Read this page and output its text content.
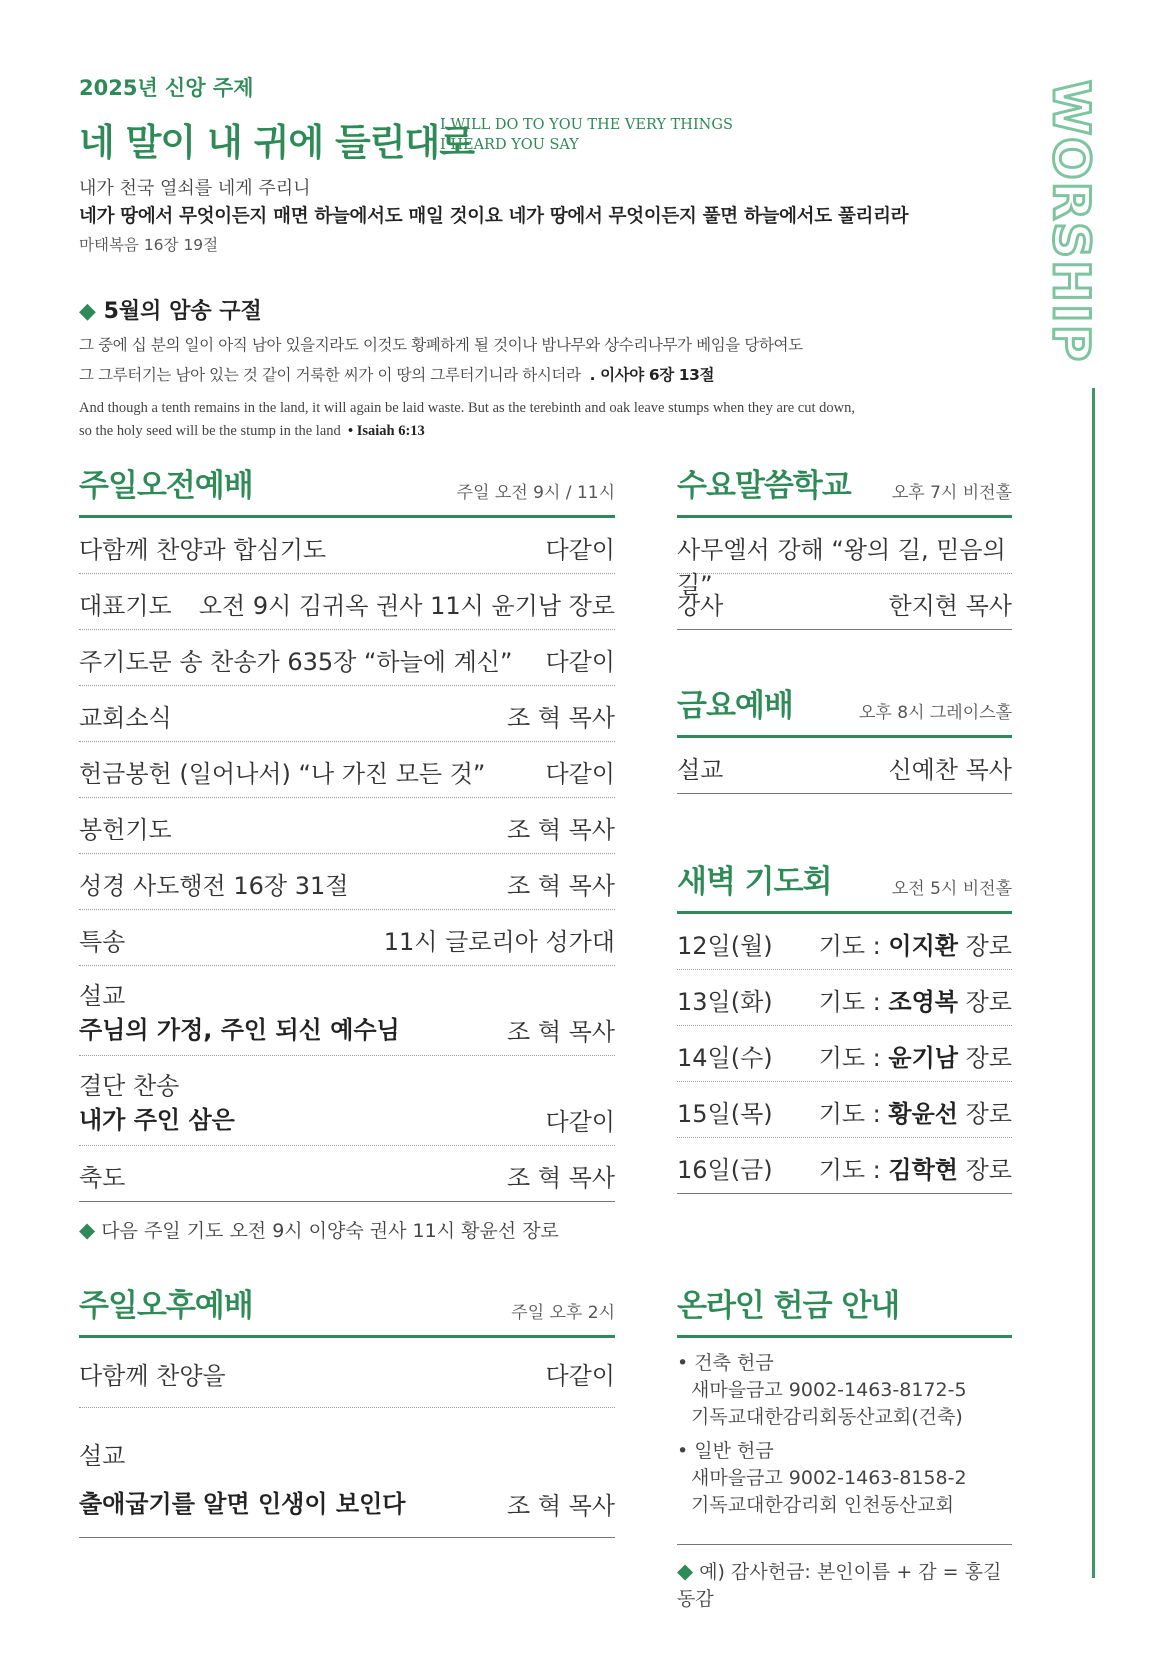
2025년 신앙 주제
네 말이 내 귀에 들린대로
I WILL DO TO YOU THE VERY THINGS
I HEARD YOU SAY
내가 천국 열쇠를 네게 주리니
네가 땅에서 무엇이든지 매면 하늘에서도 매일 것이요 네가 땅에서 무엇이든지 풀면 하늘에서도 풀리리라
마태복음 16장 19절
◆ 5월의 암송 구절
그 중에 십 분의 일이 아직 남아 있을지라도 이것도 황폐하게 될 것이나 밤나무와 상수리나무가 베임을 당하여도
그 그루터기는 남아 있는 것 같이 거룩한 씨가 이 땅의 그루터기니라 하시더라 . 이사야 6장 13절
And though a tenth remains in the land, it will again be laid waste. But as the terebinth and oak leave stumps when they are cut down,
so the holy seed will be the stump in the land • Isaiah 6:13
WORSHIP
주일오전예배	주일 오전 9시 / 11시
다함께 찬양과 합심기도	다같이
대표기도 오전 9시 김귀옥 권사 11시 윤기남 장로
주기도문 송 찬송가 635장 “하늘에 계신” 다같이
교회소식	조 혁 목사
헌금봉헌 (일어나서) “나 가진 모든 것”	다같이
봉헌기도	조 혁 목사
성경 사도행전 16장 31절	조 혁 목사
특송	11시 글로리아 성가대
설교
주님의 가정, 주인 되신 예수님	조 혁 목사
결단 찬송
내가 주인 삼은	다같이
축도	조 혁 목사
◆ 다음 주일 기도 오전 9시 이양숙 권사 11시 황윤선 장로
주일오후예배	주일 오후 2시
다함께 찬양을	다같이
설교
출애굽기를 알면 인생이 보인다	조 혁 목사
수요말씀학교 오후 7시 비전홀
사무엘서 강해 “왕의 길, 믿음의 길”
강사	한지현 목사
금요예배	오후 8시 그레이스홀
설교	신예찬 목사
새벽 기도회	오전 5시 비전홀
12일(월) 기도 : 이지환 장로
13일(화) 기도 : 조영복 장로
14일(수) 기도 : 윤기남 장로
15일(목) 기도 : 황윤선 장로
16일(금) 기도 : 김학현 장로
온라인 헌금 안내
• 건축 헌금
새마을금고 9002-1463-8172-5
기독교대한감리회동산교회(건축)
• 일반 헌금
새마을금고 9002-1463-8158-2
기독교대한감리회 인천동산교회
◆ 예) 감사헌금: 본인이름 + 감 = 홍길동감
